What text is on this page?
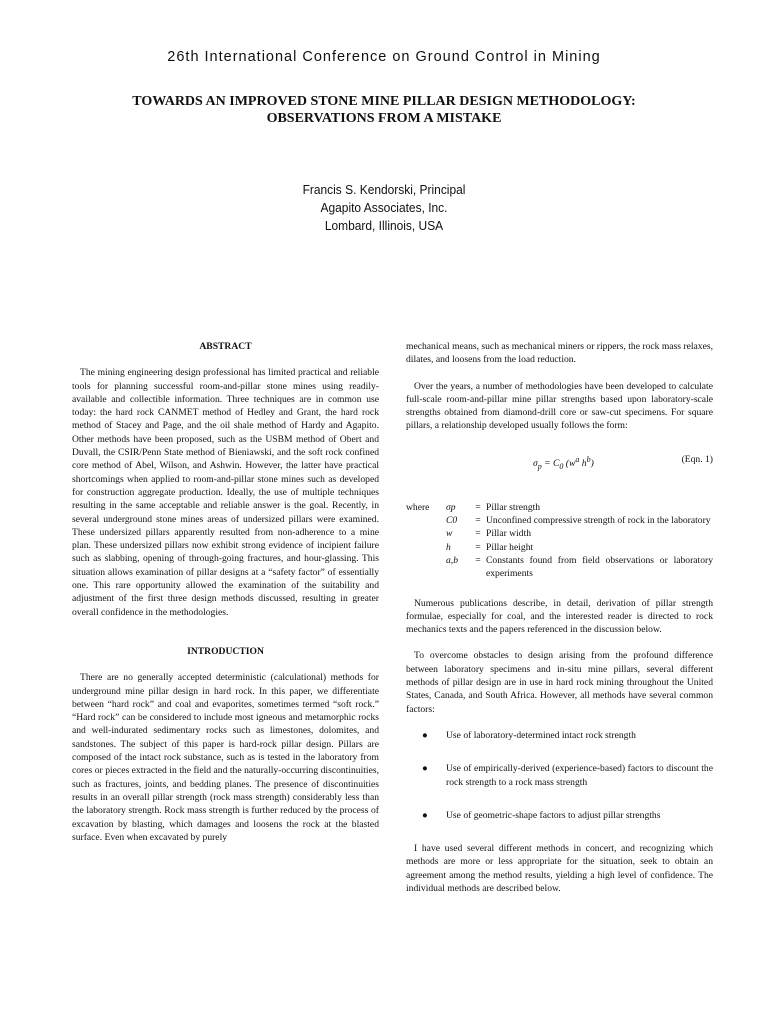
26th International Conference on Ground Control in Mining
TOWARDS AN IMPROVED STONE MINE PILLAR DESIGN METHODOLOGY:
OBSERVATIONS FROM A MISTAKE
Francis S. Kendorski, Principal
Agapito Associates, Inc.
Lombard, Illinois, USA
ABSTRACT

The mining engineering design professional has limited practical and reliable tools for planning successful room-and-pillar stone mines using readily-available and collectible information. Three techniques are in common use today: the hard rock CANMET method of Hedley and Grant, the hard rock method of Stacey and Page, and the oil shale method of Hardy and Agapito. Other methods have been proposed, such as the USBM method of Obert and Duvall, the CSIR/Penn State method of Bieniawski, and the soft rock confined core method of Abel, Wilson, and Ashwin. However, the latter have practical shortcomings when applied to room-and-pillar stone mines such as developed for construction aggregate production. Ideally, the use of multiple techniques resulting in the same acceptable and reliable answer is the goal. Recently, in several underground stone mines areas of undersized pillars were examined. These undersized pillars apparently resulted from non-adherence to a mine plan. These undersized pillars now exhibit strong evidence of incipient failure such as slabbing, opening of through-going fractures, and hour-glassing. This situation allows examination of pillar designs at a “safety factor” of essentially one. This rare opportunity allowed the examination of the suitability and adjustment of the first three design methods discussed, resulting in greater overall confidence in the methodologies.

INTRODUCTION

There are no generally accepted deterministic (calculational) methods for underground mine pillar design in hard rock. In this paper, we differentiate between “hard rock” and coal and evaporites, sometimes termed “soft rock.” “Hard rock” can be considered to include most igneous and metamorphic rocks and well-indurated sedimentary rocks such as limestones, dolomites, and sandstones. The subject of this paper is hard-rock pillar design. Pillars are composed of the intact rock substance, such as is tested in the laboratory from cores or pieces extracted in the field and the naturally-occurring discontinuities, such as fractures, joints, and bedding planes. The presence of discontinuities results in an overall pillar strength (rock mass strength) considerably less than the laboratory strength. Rock mass strength is further reduced by the process of excavation by blasting, which damages and loosens the rock at the blasted surface. Even when excavated by purely

mechanical means, such as mechanical miners or rippers, the rock mass relaxes, dilates, and loosens from the load reduction.

Over the years, a number of methodologies have been developed to calculate full-scale room-and-pillar mine pillar strengths based upon laboratory-scale strengths obtained from diamond-drill core or saw-cut specimens. For square pillars, a relationship developed usually follows the form:

$\sigma_p = C_0$ ($w^a$ $h^b$)	(Eqn. 1)
where	σp	=	Pillar strength
	C0	=	Unconfined compressive strength of rock in the laboratory
	w	=	Pillar width
	h	=	Pillar height
	a,b	=	Constants found from field observations or laboratory experiments

Numerous publications describe, in detail, derivation of pillar strength formulae, especially for coal, and the interested reader is directed to rock mechanics texts and the papers referenced in the discussion below.

To overcome obstacles to design arising from the profound difference between laboratory specimens and in-situ mine pillars, several different methods of pillar design are in use in hard rock mining throughout the United States, Canada, and South Africa. However, all methods have several common factors:

● Use of laboratory-determined intact rock strength
● Use of empirically-derived (experience-based) factors to discount the rock strength to a rock mass strength
● Use of geometric-shape factors to adjust pillar strengths

I have used several different methods in concert, and recognizing which methods are more or less appropriate for the situation, seek to obtain an agreement among the method results, yielding a high level of confidence. The individual methods are described below.
